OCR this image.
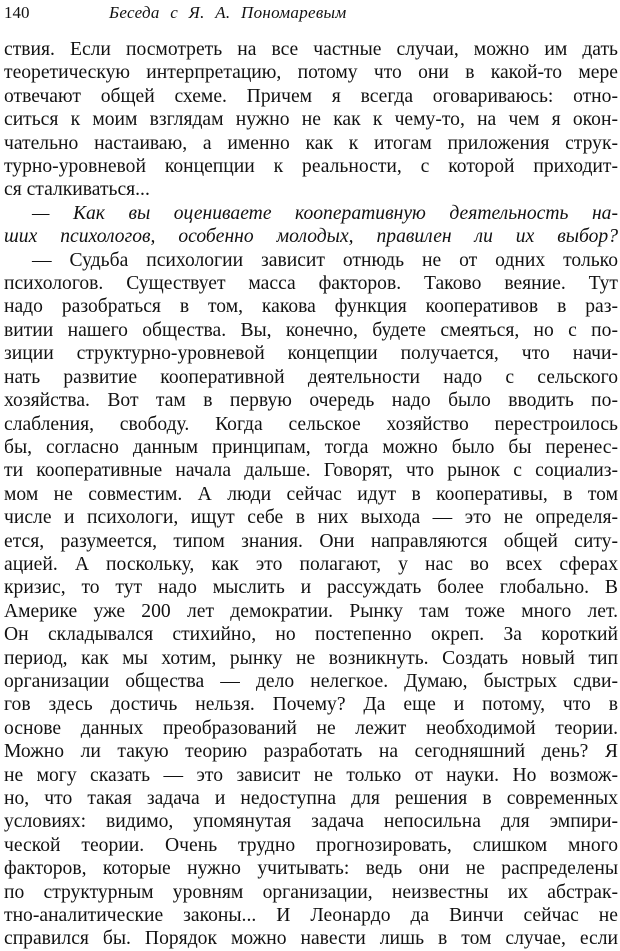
140	Беседа с Я. А. Пономаревым
ствия. Если посмотреть на все частные случаи, можно им дать
теоретическую интерпретацию, потому что они в какой-то мере
отвечают общей схеме. Причем я всегда оговариваюсь: отно-
ситься к моим взглядам нужно не как к чему-то, на чем я окон-
чательно настаиваю, а именно как к итогам приложения струк-
турно-уровневой концепции к реальности, с которой приходит-
ся сталкиваться...
— Как вы оцениваете кооперативную деятельность на-
ших психологов, особенно молодых, правилен ли их выбор?
— Судьба психологии зависит отнюдь не от одних только
психологов. Существует масса факторов. Таково веяние. Тут
надо разобраться в том, какова функция кооперативов в раз-
витии нашего общества. Вы, конечно, будете смеяться, но с по-
зиции структурно-уровневой концепции получается, что начи-
нать развитие кооперативной деятельности надо с сельского
хозяйства. Вот там в первую очередь надо было вводить по-
слабления, свободу. Когда сельское хозяйство перестроилось
бы, согласно данным принципам, тогда можно было бы перенес-
ти кооперативные начала дальше. Говорят, что рынок с социализ-
мом не совместим. А люди сейчас идут в кооперативы, в том
числе и психологи, ищут себе в них выхода — это не определя-
ется, разумеется, типом знания. Они направляются общей ситу-
ацией. А поскольку, как это полагают, у нас во всех сферах
кризис, то тут надо мыслить и рассуждать более глобально. В
Америке уже 200 лет демократии. Рынку там тоже много лет.
Он складывался стихийно, но постепенно окреп. За короткий
период, как мы хотим, рынку не возникнуть. Создать новый тип
организации общества — дело нелегкое. Думаю, быстрых сдви-
гов здесь достичь нельзя. Почему? Да еще и потому, что в
основе данных преобразований не лежит необходимой теории.
Можно ли такую теорию разработать на сегодняшний день? Я
не могу сказать — это зависит не только от науки. Но возмож-
но, что такая задача и недоступна для решения в современных
условиях: видимо, упомянутая задача непосильна для эмпири-
ческой теории. Очень трудно прогнозировать, слишком много
факторов, которые нужно учитывать: ведь они не распределены
по структурным уровням организации, неизвестны их абстрак-
тно-аналитические законы... И Леонардо да Винчи сейчас не
справился бы. Порядок можно навести лишь в том случае, если
